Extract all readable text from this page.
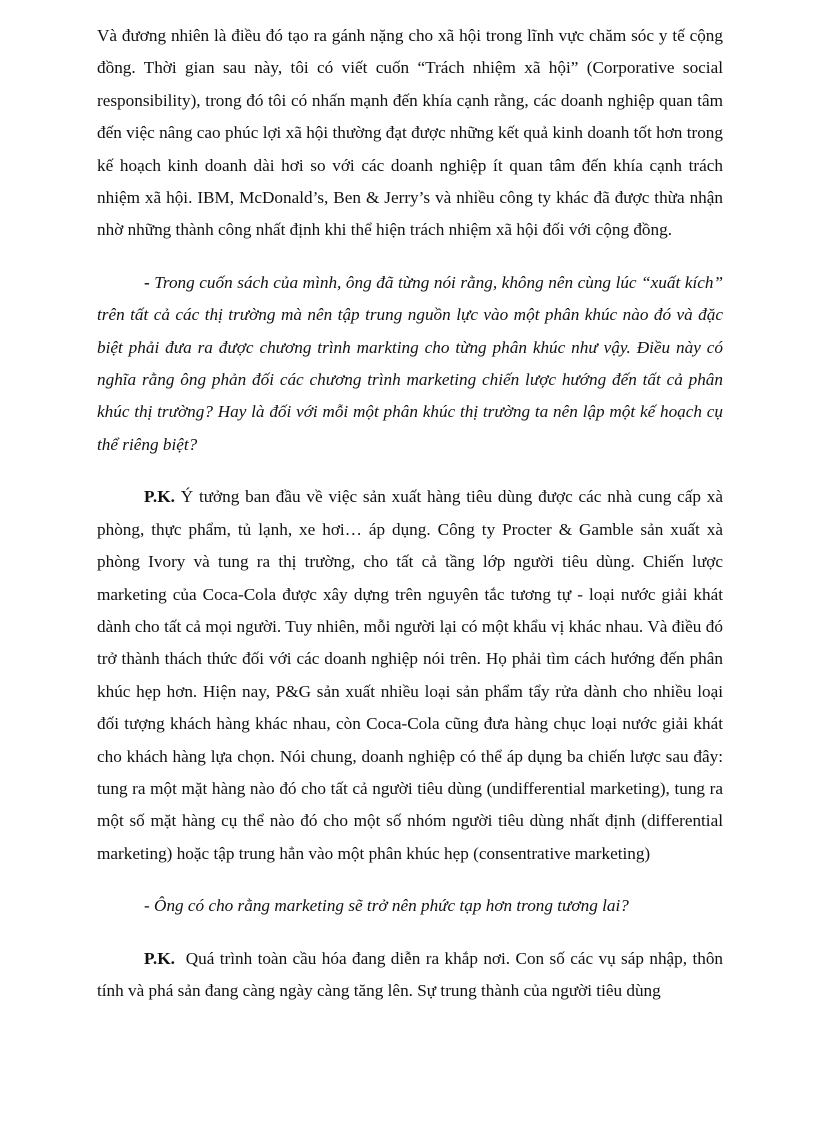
Và đương nhiên là điều đó tạo ra gánh nặng cho xã hội trong lĩnh vực chăm sóc y tế cộng đồng. Thời gian sau này, tôi có viết cuốn “Trách nhiệm xã hội” (Corporative social responsibility), trong đó tôi có nhấn mạnh đến khía cạnh rằng, các doanh nghiệp quan tâm đến việc nâng cao phúc lợi xã hội thường đạt được những kết quả kinh doanh tốt hơn trong kế hoạch kinh doanh dài hơi so với các doanh nghiệp ít quan tâm đến khía cạnh trách nhiệm xã hội. IBM, McDonald’s, Ben & Jerry’s và nhiều công ty khác đã được thừa nhận nhờ những thành công nhất định khi thể hiện trách nhiệm xã hội đối với cộng đồng.

- Trong cuốn sách của mình, ông đã từng nói rằng, không nên cùng lúc “xuất kích” trên tất cả các thị trường mà nên tập trung nguồn lực vào một phân khúc nào đó và đặc biệt phải đưa ra được chương trình markting cho từng phân khúc như vậy. Điều này có nghĩa rằng ông phản đối các chương trình marketing chiến lược hướng đến tất cả phân khúc thị trường? Hay là đối với mỗi một phân khúc thị trường ta nên lập một kế hoạch cụ thể riêng biệt?

P.K. Ý tưởng ban đầu về việc sản xuất hàng tiêu dùng được các nhà cung cấp xà phòng, thực phẩm, tủ lạnh, xe hơi… áp dụng. Công ty Procter & Gamble sản xuất xà phòng Ivory và tung ra thị trường, cho tất cả tầng lớp người tiêu dùng. Chiến lược marketing của Coca-Cola được xây dựng trên nguyên tắc tương tự - loại nước giải khát dành cho tất cả mọi người. Tuy nhiên, mỗi người lại có một khẩu vị khác nhau. Và điều đó trở thành thách thức đối với các doanh nghiệp nói trên. Họ phải tìm cách hướng đến phân khúc hẹp hơn. Hiện nay, P&G sản xuất nhiều loại sản phẩm tẩy rửa dành cho nhiều loại đối tượng khách hàng khác nhau, còn Coca-Cola cũng đưa hàng chục loại nước giải khát cho khách hàng lựa chọn. Nói chung, doanh nghiệp có thể áp dụng ba chiến lược sau đây: tung ra một mặt hàng nào đó cho tất cả người tiêu dùng (undifferential marketing), tung ra một số mặt hàng cụ thể nào đó cho một số nhóm người tiêu dùng nhất định (differential marketing) hoặc tập trung hẳn vào một phân khúc hẹp (consentrative marketing)

- Ông có cho rằng marketing sẽ trở nên phức tạp hơn trong tương lai?

P.K. Quá trình toàn cầu hóa đang diễn ra khắp nơi. Con số các vụ sáp nhập, thôn tính và phá sản đang càng ngày càng tăng lên. Sự trung thành của người tiêu dùng
